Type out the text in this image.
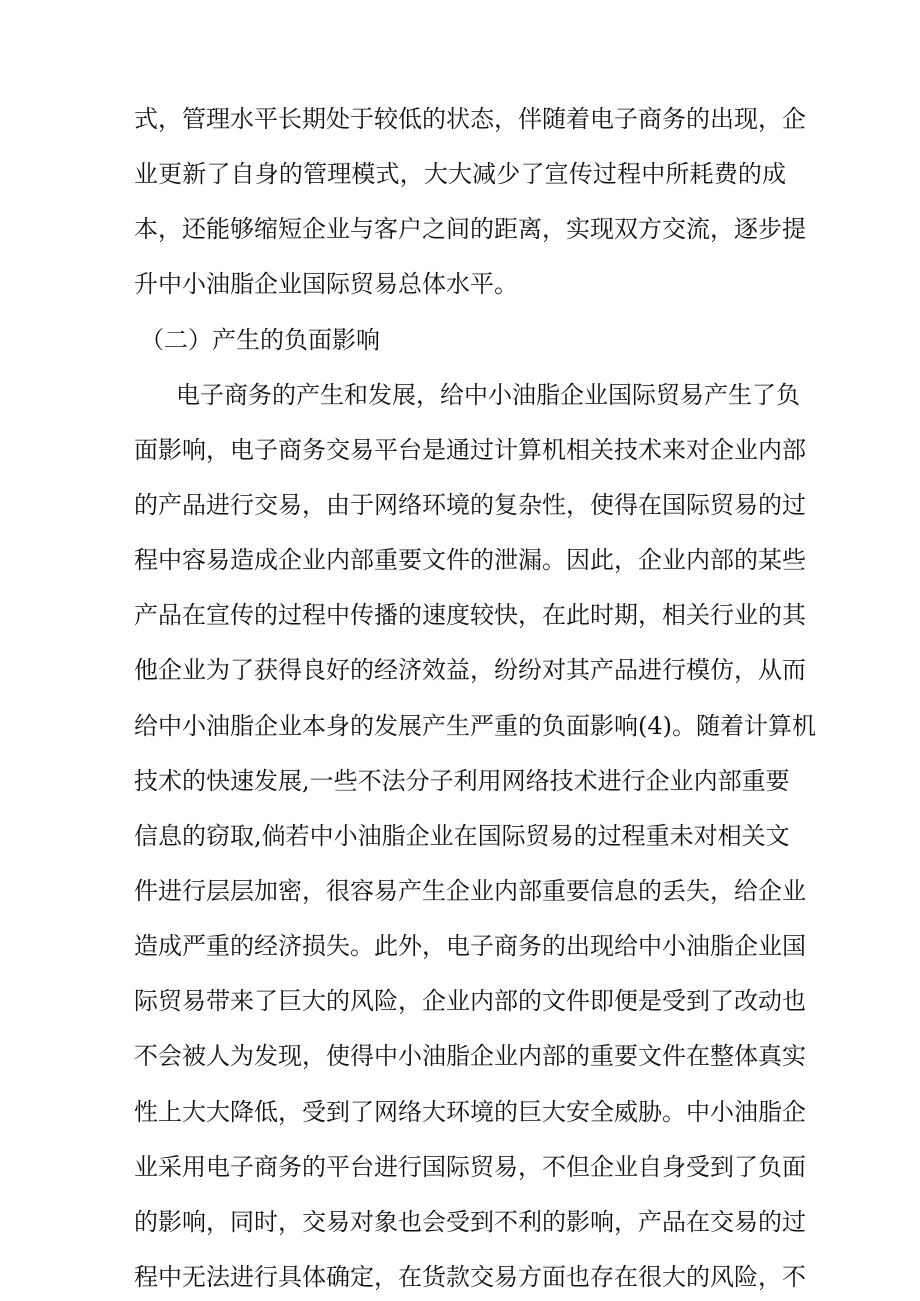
式，管理水平长期处于较低的状态，伴随着电子商务的出现，企
业更新了自身的管理模式，大大减少了宣传过程中所耗费的成
本，还能够缩短企业与客户之间的距离，实现双方交流，逐步提
升中小油脂企业国际贸易总体水平。
（二）产生的负面影响
电子商务的产生和发展，给中小油脂企业国际贸易产生了负
面影响，电子商务交易平台是通过计算机相关技术来对企业内部
的产品进行交易，由于网络环境的复杂性，使得在国际贸易的过
程中容易造成企业内部重要文件的泄漏。因此，企业内部的某些
产品在宣传的过程中传播的速度较快，在此时期，相关行业的其
他企业为了获得良好的经济效益，纷纷对其产品进行模仿，从而
给中小油脂企业本身的发展产生严重的负面影响(4)。随着计算机
技术的快速发展,一些不法分子利用网络技术进行企业内部重要
信息的窃取,倘若中小油脂企业在国际贸易的过程重未对相关文
件进行层层加密，很容易产生企业内部重要信息的丢失，给企业
造成严重的经济损失。此外，电子商务的出现给中小油脂企业国
际贸易带来了巨大的风险，企业内部的文件即便是受到了改动也
不会被人为发现，使得中小油脂企业内部的重要文件在整体真实
性上大大降低，受到了网络大环境的巨大安全威胁。中小油脂企
业采用电子商务的平台进行国际贸易，不但企业自身受到了负面
的影响，同时，交易对象也会受到不利的影响，产品在交易的过
程中无法进行具体确定，在货款交易方面也存在很大的风险，不
